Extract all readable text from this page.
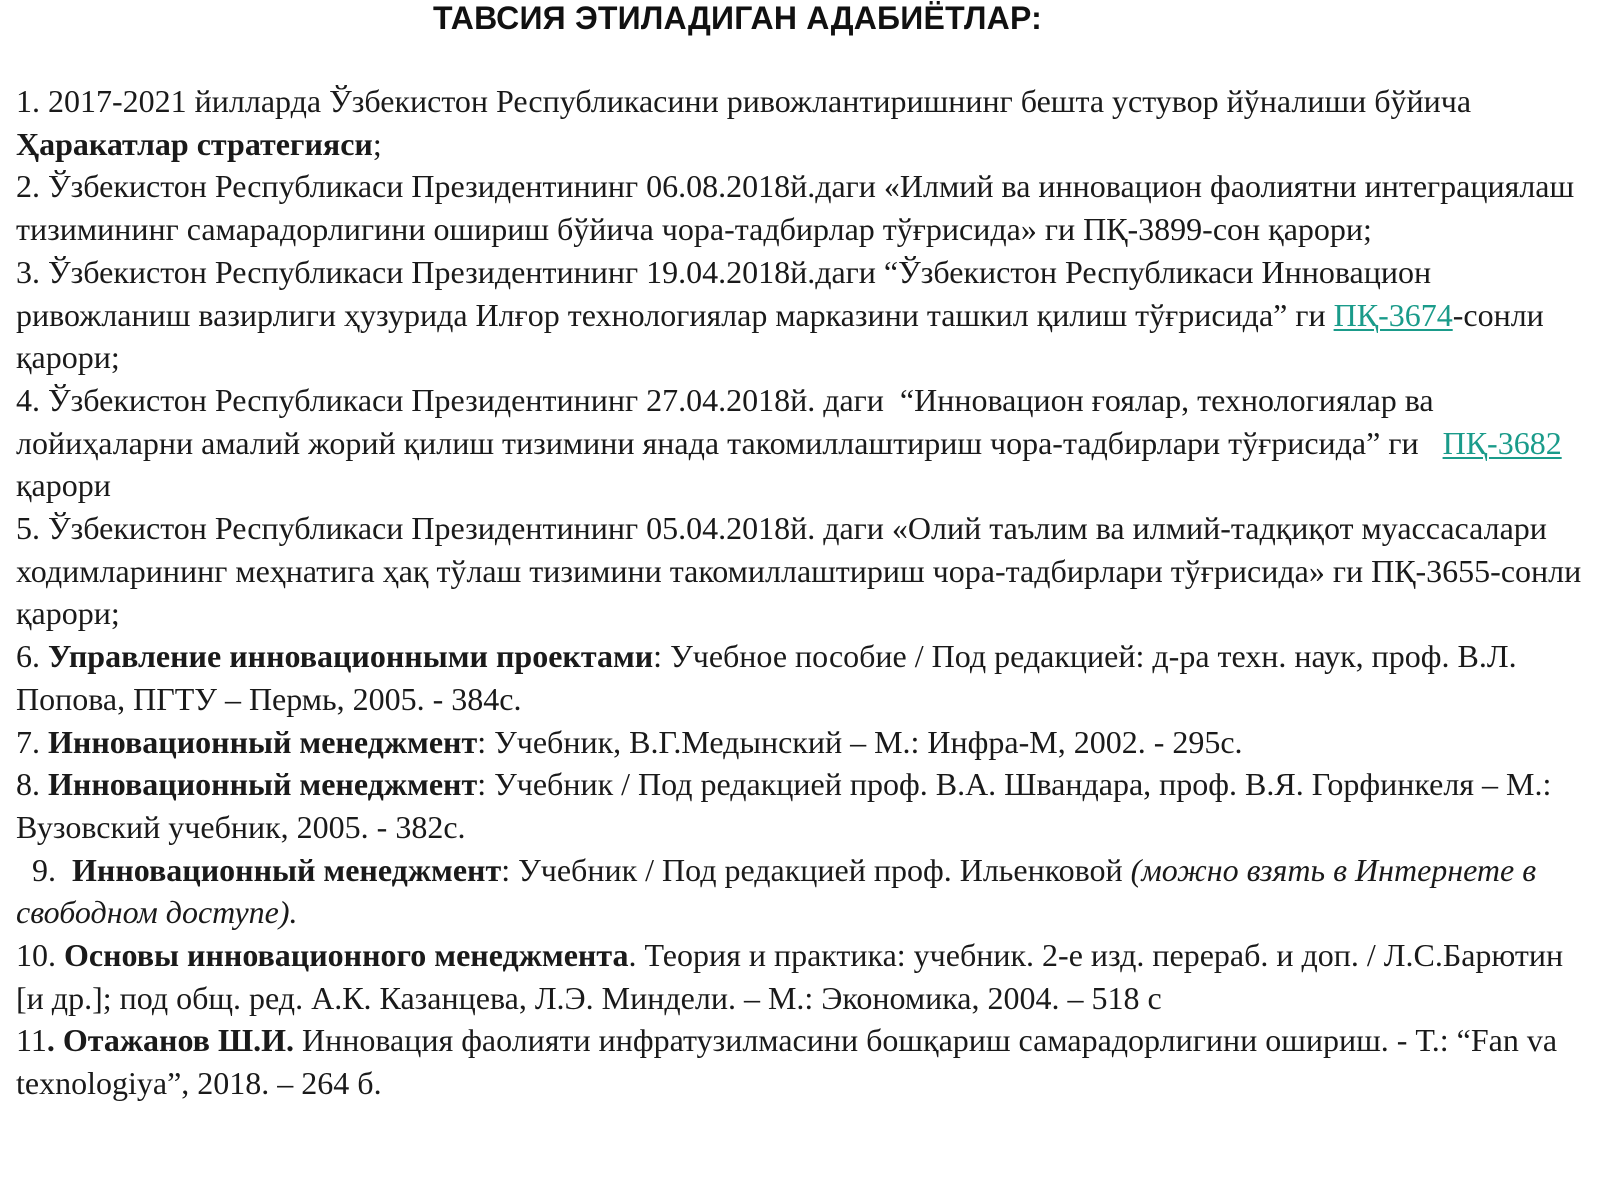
ТАВСИЯ ЭТИЛАДИГАН АДАБИЁТЛАР:

1. 2017-2021 йилларда Ўзбекистон Республикасини ривожлантиришнинг бешта устувор йўналиши бўйича Ҳаракатлар стратегияси;

2. Ўзбекистон Республикаси Президентининг 06.08.2018й.даги «Илмий ва инновацион фаолиятни интеграциялаш тизимининг самарадорлигини ошириш бўйича чора-тадбирлар тўғрисида» ги ПҚ-3899-сон қарори;

3. Ўзбекистон Республикаси Президентининг 19.04.2018й.даги “Ўзбекистон Республикаси Инновацион ривожланиш вазирлиги ҳузурида Илғор технологиялар марказини ташкил қилиш тўғрисида” ги ПҚ-3674-сонли қарори;

4. Ўзбекистон Республикаси Президентининг 27.04.2018й. даги  “Инновацион ғоялар, технологиялар ва лойиҳаларни амалий жорий қилиш тизимини янада такомиллаштириш чора-тадбирлари тўғрисида” ги   ПҚ-3682  қарори

5. Ўзбекистон Республикаси Президентининг 05.04.2018й. даги «Олий таълим ва илмий-тадқиқот муассасалари ходимларининг меҳнатига ҳақ тўлаш тизимини такомиллаштириш чора-тадбирлари тўғрисида» ги ПҚ-3655-сонли қарори;

6. Управление инновационными проектами: Учебное пособие / Под редакцией: д-ра техн. наук, проф. В.Л. Попова, ПГТУ – Пермь, 2005. - 384с.

7. Инновационный менеджмент: Учебник, В.Г.Медынский – М.: Инфра-М, 2002. - 295с.

8. Инновационный менеджмент: Учебник / Под редакцией проф. В.А. Швандара, проф. В.Я. Горфинкеля – М.: Вузовский учебник, 2005. - 382с.

9.  Инновационный менеджмент: Учебник / Под редакцией проф. Ильенковой (можно взять в Интернете в свободном доступе).

10. Основы инновационного менеджмента. Теория и практика: учебник. 2-е изд. перераб. и доп. / Л.С.Барютин [и др.]; под общ. ред. А.К. Казанцева, Л.Э. Миндели. – М.: Экономика, 2004. – 518 с

11. Отажанов Ш.И. Инновация фаолияти инфратузилмасини бошқариш самарадорлигини ошириш. - Т.: “Fan va texnologiya”, 2018. – 264 б.
